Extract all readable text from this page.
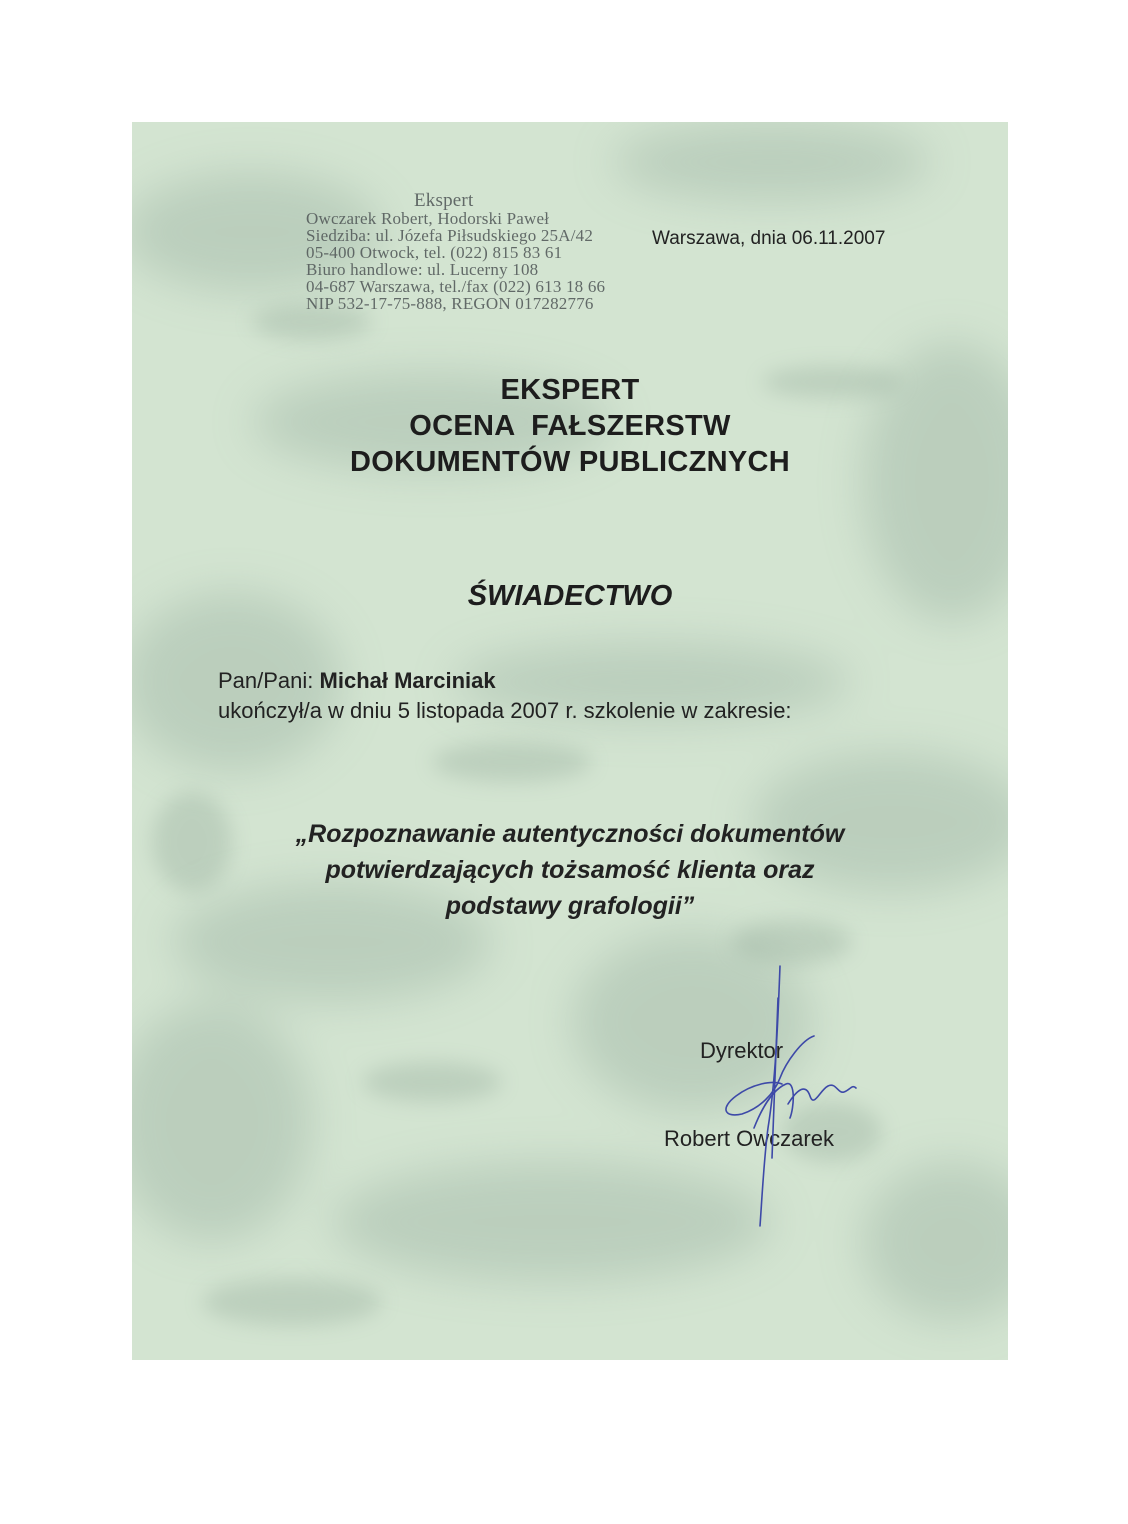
Ekspert
Owczarek Robert, Hodorski Paweł
Siedziba: ul. Józefa Piłsudskiego 25A/42
05-400 Otwock, tel. (022) 815 83 61
Biuro handlowe: ul. Lucerny 108
04-687 Warszawa, tel./fax (022) 613 18 66
NIP 532-17-75-888, REGON 017282776
Warszawa, dnia 06.11.2007
EKSPERT
OCENA  FAŁSZERSTW
DOKUMENTÓW PUBLICZNYCH
ŚWIADECTWO
Pan/Pani: Michał Marciniak
ukończył/a w dniu 5 listopada 2007 r. szkolenie w zakresie:
„Rozpoznawanie autentyczności dokumentów
potwierdzających tożsamość klienta oraz
podstawy grafologii”
Dyrektor
Robert Owczarek
